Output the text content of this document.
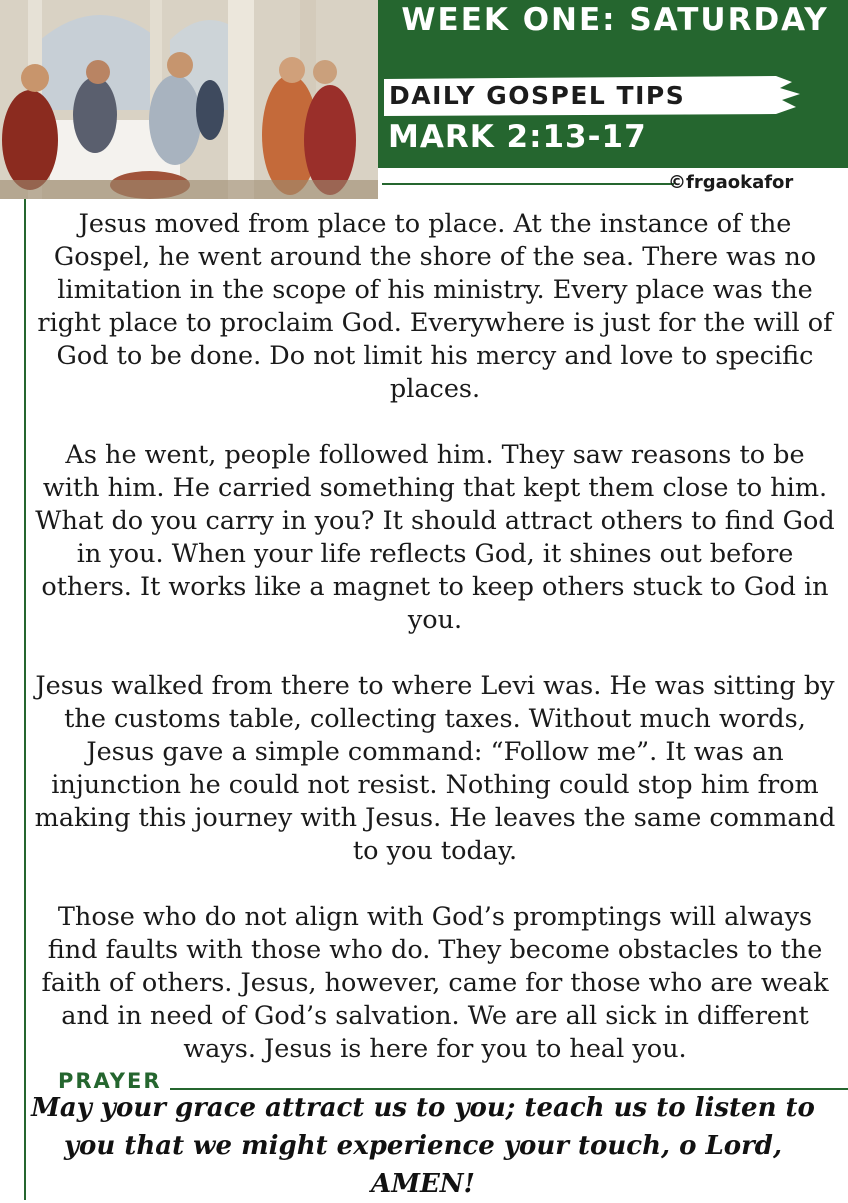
WEEK ONE: SATURDAY
DAILY GOSPEL TIPS
MARK 2:13-17
©frgaokafor

Jesus moved from place to place. At the instance of the Gospel, he went around the shore of the sea. There was no limitation in the scope of his ministry. Every place was the right place to proclaim God. Everywhere is just for the will of God to be done. Do not limit his mercy and love to specific places.

As he went, people followed him. They saw reasons to be with him. He carried something that kept them close to him. What do you carry in you? It should attract others to find God in you. When your life reflects God, it shines out before others. It works like a magnet to keep others stuck to God in you.

Jesus walked from there to where Levi was. He was sitting by the customs table, collecting taxes. Without much words, Jesus gave a simple command: “Follow me”. It was an injunction he could not resist. Nothing could stop him from making this journey with Jesus. He leaves the same command to you today.

Those who do not align with God’s promptings will always find faults with those who do. They become obstacles to the faith of others. Jesus, however, came for those who are weak and in need of God’s salvation. We are all sick in different ways. Jesus is here for you to heal you.

PRAYER
May your grace attract us to you; teach us to listen to you that we might experience your touch, o Lord, AMEN!
